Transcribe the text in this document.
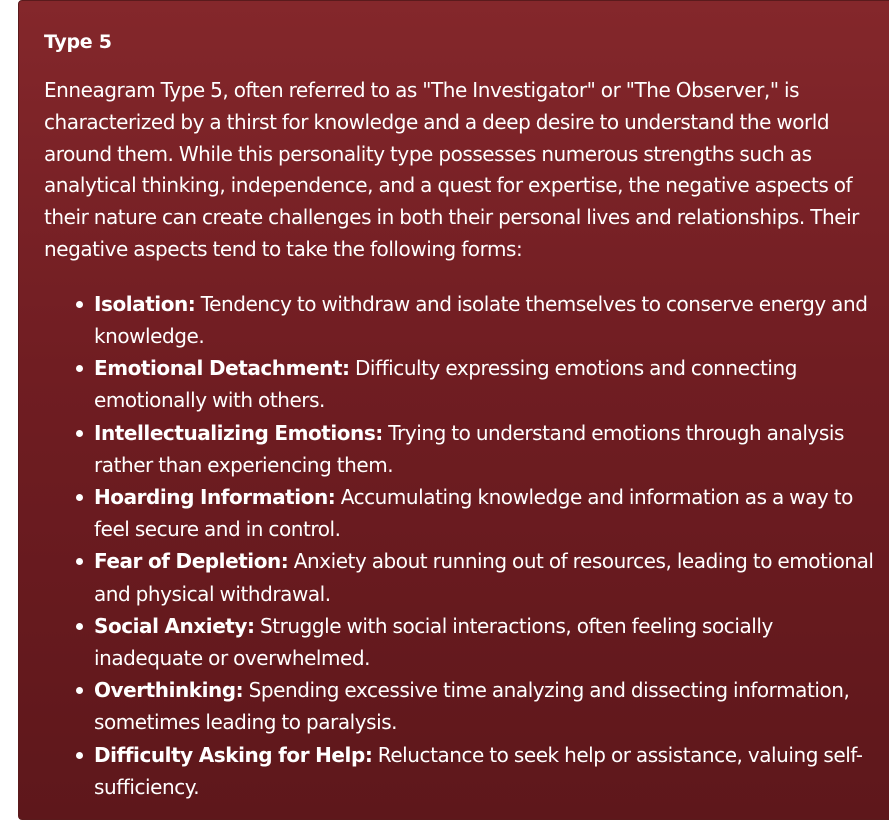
Type 5

Enneagram Type 5, often referred to as "The Investigator" or "The Observer," is characterized by a thirst for knowledge and a deep desire to understand the world around them. While this personality type possesses numerous strengths such as analytical thinking, independence, and a quest for expertise, the negative aspects of their nature can create challenges in both their personal lives and relationships. Their negative aspects tend to take the following forms:

Isolation: Tendency to withdraw and isolate themselves to conserve energy and knowledge.
Emotional Detachment: Difficulty expressing emotions and connecting emotionally with others.
Intellectualizing Emotions: Trying to understand emotions through analysis rather than experiencing them.
Hoarding Information: Accumulating knowledge and information as a way to feel secure and in control.
Fear of Depletion: Anxiety about running out of resources, leading to emotional and physical withdrawal.
Social Anxiety: Struggle with social interactions, often feeling socially inadequate or overwhelmed.
Overthinking: Spending excessive time analyzing and dissecting information, sometimes leading to paralysis.
Difficulty Asking for Help: Reluctance to seek help or assistance, valuing self-sufficiency.
